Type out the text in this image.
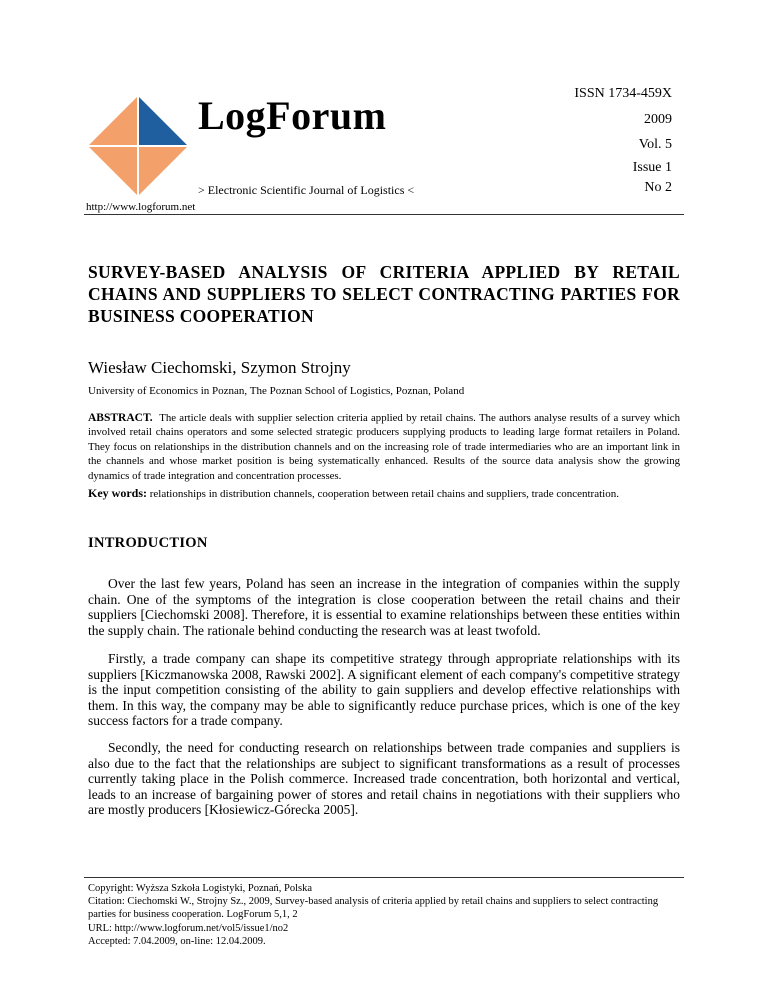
LogForum
> Electronic Scientific Journal of Logistics <
http://www.logforum.net
ISSN 1734-459X
2009
Vol. 5
Issue 1
No 2
SURVEY-BASED ANALYSIS OF CRITERIA APPLIED BY RETAIL CHAINS AND SUPPLIERS TO SELECT CONTRACTING PARTIES FOR BUSINESS COOPERATION
Wiesław Ciechomski, Szymon Strojny
University of Economics in Poznan, The Poznan School of Logistics, Poznan, Poland

ABSTRACT. The article deals with supplier selection criteria applied by retail chains. The authors analyse results of a survey which involved retail chains operators and some selected strategic producers supplying products to leading large format retailers in Poland. They focus on relationships in the distribution channels and on the increasing role of trade intermediaries who are an important link in the channels and whose market position is being systematically enhanced. Results of the source data analysis show the growing dynamics of trade integration and concentration processes.

Key words: relationships in distribution channels, cooperation between retail chains and suppliers, trade concentration.

INTRODUCTION

Over the last few years, Poland has seen an increase in the integration of companies within the supply chain. One of the symptoms of the integration is close cooperation between the retail chains and their suppliers [Ciechomski 2008]. Therefore, it is essential to examine relationships between these entities within the supply chain. The rationale behind conducting the research was at least twofold.

Firstly, a trade company can shape its competitive strategy through appropriate relationships with its suppliers [Kiczmanowska 2008, Rawski 2002]. A significant element of each company's competitive strategy is the input competition consisting of the ability to gain suppliers and develop effective relationships with them. In this way, the company may be able to significantly reduce purchase prices, which is one of the key success factors for a trade company.

Secondly, the need for conducting research on relationships between trade companies and suppliers is also due to the fact that the relationships are subject to significant transformations as a result of processes currently taking place in the Polish commerce. Increased trade concentration, both horizontal and vertical, leads to an increase of bargaining power of stores and retail chains in negotiations with their suppliers who are mostly producers [Kłosiewicz-Górecka 2005].

Copyright: Wyższa Szkoła Logistyki, Poznań, Polska

Citation: Ciechomski W., Strojny Sz., 2009, Survey-based analysis of criteria applied by retail chains and suppliers to select contracting parties for business cooperation. LogForum 5,1, 2

URL: http://www.logforum.net/vol5/issue1/no2

Accepted: 7.04.2009, on-line: 12.04.2009.
